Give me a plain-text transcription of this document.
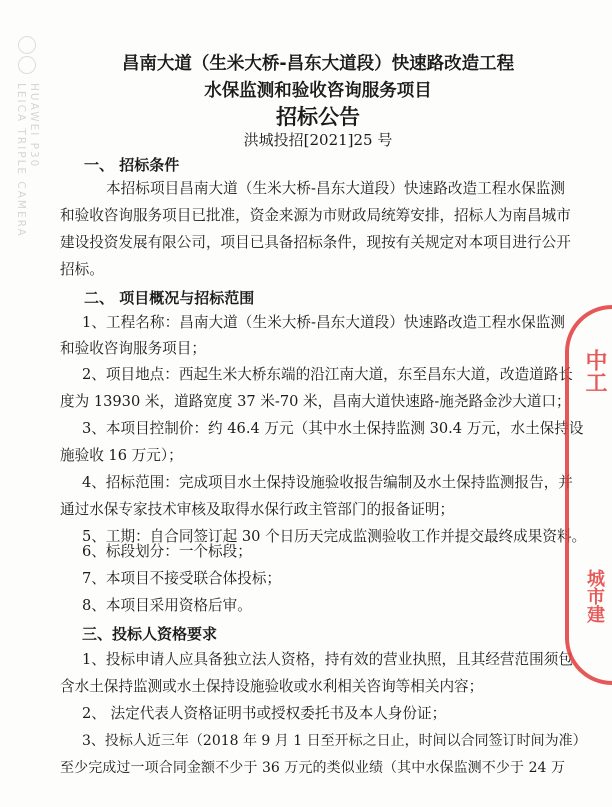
HUAWEI P30
LEICA TRIPLE CAMERA
昌南大道（生米大桥-昌东大道段）快速路改造工程
水保监测和验收咨询服务项目
招标公告
洪城投招[2021]25 号
一、 招标条件
本招标项目昌南大道（生米大桥-昌东大道段）快速路改造工程水保监测
和验收咨询服务项目已批准，资金来源为市财政局统筹安排，招标人为南昌城市
建设投资发展有限公司，项目已具备招标条件，现按有关规定对本项目进行公开
招标。
二、 项目概况与招标范围
1、工程名称：昌南大道（生米大桥-昌东大道段）快速路改造工程水保监测
和验收咨询服务项目；
2、项目地点：西起生米大桥东端的沿江南大道，东至昌东大道，改造道路长
度为 13930 米，道路宽度 37 米-70 米，昌南大道快速路-施尧路金沙大道口；
3、本项目控制价：约 46.4 万元（其中水土保持监测 30.4 万元，水土保持设
施验收 16 万元）；
4、招标范围：完成项目水土保持设施验收报告编制及水土保持监测报告，并
通过水保专家技术审核及取得水保行政主管部门的报备证明；
5、工期：自合同签订起 30 个日历天完成监测验收工作并提交最终成果资料。
6、标段划分：一个标段；
7、本项目不接受联合体投标；
8、本项目采用资格后审。
三、投标人资格要求
1、投标申请人应具备独立法人资格，持有效的营业执照，且其经营范围须包
含水土保持监测或水土保持设施验收或水利相关咨询等相关内容；
2、 法定代表人资格证明书或授权委托书及本人身份证；
3、投标人近三年（2018 年 9 月 1 日至开标之日止，时间以合同签订时间为准）
至少完成过一项合同金额不少于 36 万元的类似业绩（其中水保监测不少于 24 万
中工
城市建
